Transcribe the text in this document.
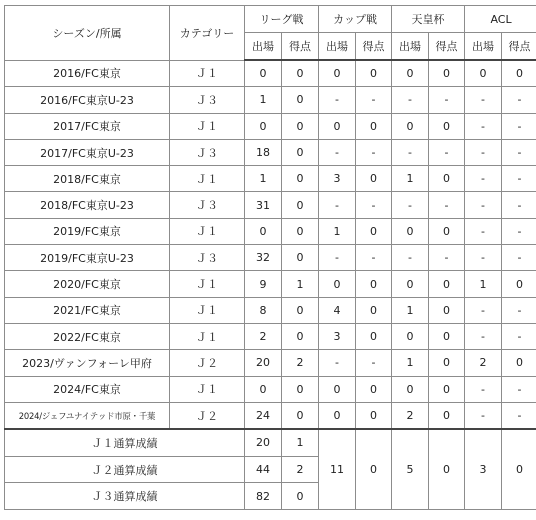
シーズン/所属	カテゴリー	リーグ戦		カップ戦		天皇杯		ACL	
		出場	得点	出場	得点	出場	得点	出場	得点
2016/FC東京	Ｊ１	0	0	0	0	0	0	0	0
2016/FC東京U-23	Ｊ３	1	0	-	-	-	-	-	-
2017/FC東京	Ｊ１	0	0	0	0	0	0	-	-
2017/FC東京U-23	Ｊ３	18	0	-	-	-	-	-	-
2018/FC東京	Ｊ１	1	0	3	0	1	0	-	-
2018/FC東京U-23	Ｊ３	31	0	-	-	-	-	-	-
2019/FC東京	Ｊ１	0	0	1	0	0	0	-	-
2019/FC東京U-23	Ｊ３	32	0	-	-	-	-	-	-
2020/FC東京	Ｊ１	9	1	0	0	0	0	1	0
2021/FC東京	Ｊ１	8	0	4	0	1	0	-	-
2022/FC東京	Ｊ１	2	0	3	0	0	0	-	-
2023/ヴァンフォーレ甲府	Ｊ２	20	2	-	-	1	0	2	0
2024/FC東京	Ｊ１	0	0	0	0	0	0	-	-
2024/ジェフユナイテッド市原・千葉	Ｊ２	24	0	0	0	2	0	-	-
Ｊ１通算成績		20	1	11	0	5	0	3	0
Ｊ２通算成績		44	2						
Ｊ３通算成績		82	0						
